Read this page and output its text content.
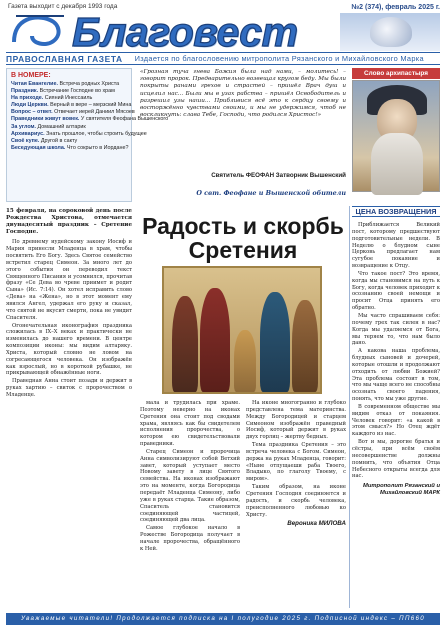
Газета выходит с декабря 1993 года
Благовест
№2 (374), февраль 2025 г.
ПРАВОСЛАВНАЯ ГАЗЕТА Издается по благословению митрополита Рязанского и Михайловского Марка
В НОМЕРЕ:
Читая Евангелие. Встреча родных Христа
Праздник. Встречание Господне во храм
На приходе. Сияний Инессаиль
Люди Церкви. Верный в вере – мерзский Мина
Вопрос – ответ. Отвечает иерей Даниил Мясоев
Праведники живут вовек. У святителя Феофана Вышенского
За углом. Домашний алтарик
Архивариус. Знать прошлое, чтобы строить будущее
Своё купе. Другой в сакту
Беседующая школа. Что сокрыто в Иордане?
«Грозная туча гнева Божия была над нами, – молитесь! – говорит пророк. Предварительно возвещал кругом беду. Мы были покрыты ранами грехов и страстей – пришёл Врач душ и исцелил нас... Были мы в узах рабства – пришёл Освободитель и разрешил узы наши... Прибливися всё это к сердцу своему и восторжённо чувствами своими, и мы не удержимся, чтоб не воскликнуть: слава Тебе, Господи, что родился Христос!»
Святитель ФЕОФАН Затворник Вышенский
О свт. Феофане и Вышенской обители
Слово архипастыря
15 февраля, на сороковой день после Рождества Христова, отмечается двунадесятый праздник – Сретение Господне.

По древнему иудейскому закону Иосиф и Мария принесли Младенца в храм, чтобы посвятить Его Богу. Здесь Святое семейство встретил старец Симеон. За много лет до этого события он переводил текст Священного Писания и усомнился, прочитав фразу «Се Дева во чреве приимет и родит Сына» (Ис. 7:14). Он хотел исправить слово «Дева» на «Жена», но в этот момент ему явился Ангел, удержал его руку и сказал, что святой не вкусит смерти, пока не увидит Спасителя.

Огонечательная иконография праздника сложилась в IX–X веках и практически не изменилась до нашего времени. В центре композиции иконы: мы видим алтаряку. Христа, который словно не ловом на согресающегося человека. Он изображён как взрослый, но в короткой рубашке, не прикрывающей обнажённые ноги.

Праведная Анна стоит позади и держит в руках хартию – свиток с пророчеством о Младенце.

Радость и скорбь Сретения

мала и трудилась при храме. Поэтому неверно на иконах Сретения она стоит под сводами храма, являясь как бы свидетелем исполнения пророчества, о котором ею свидетельствовали праведники.

Старец Симеон и пророчица Анна символизируют собой Ветхий завет, который уступает место Новому завету в лице Святого семейства. На иконах изображают это на моменте, когда Богородица передаёт Младенца Симеону, либо уже в руках старца. Такие образом, Спаситель становится соединяющей частицей, соединяющей два лица.

Самое глубокое начало в Рожестве Богородица получает в начале пророчества, обращённого к Ней.

На иконе многогранно и глубоко представлена тема материнства. Между Богородицей и старцем Симеоном изображён праведный Иосиф, который держит в руках двух горлиц – жертву бедных.

Тема праздника Сретения – это встреча человека с Богом. Симеон, держа на руках Младенца, говорит: «Ныне отпущаеши раба Твоего, Владыко, по глаголу Твоему, с миром».

Таким образом, на иконе Сретения Господня соединяется и радость, и скорбь человека, преисполненного любовью ко Христу.

Вероника МИЛОВА
ЦЕНА ВОЗВРАЩЕНИЯ

Приближается Великий пост, которому предшествуют подготовительные недели. В Неделю о блудном сыне Церковь предлагает нам сугубое покаяние и возвращение к Отцу.

Что такое пост? Это время, когда мы становимся на путь к Богу, когда человек приходит к осознанию своей немощи и просит Отца принять его обратно.

Мы часто спрашиваем себя: почему грех так силен в нас? Когда мы удаляемся от Бога, мы теряем то, что нам было дано.

А какова наша проблема, блудных сыновей и дочерей, которые отошли и продолжают отходить от любви Божией? Эта проблема состоит в том, что мы чаще всего не способны осознать своего падения, понять, что мы уже другие.

В современном обществе мы видим отказ от покаяния. Человек говорит: «а какой в этом смысл?» Но Отец ждёт каждого из нас.

Вот и мы, дорогие братья и сёстры, при всём своём несовершенстве должны помнить, что объятия Отца Небесного открыты всегда для нас.

Митрополит Рязанский и Михайловский МАРК
Уважаемые читатели! Продолжается подписка на I полугодие 2025 г. Подписной индекс – ПП660
